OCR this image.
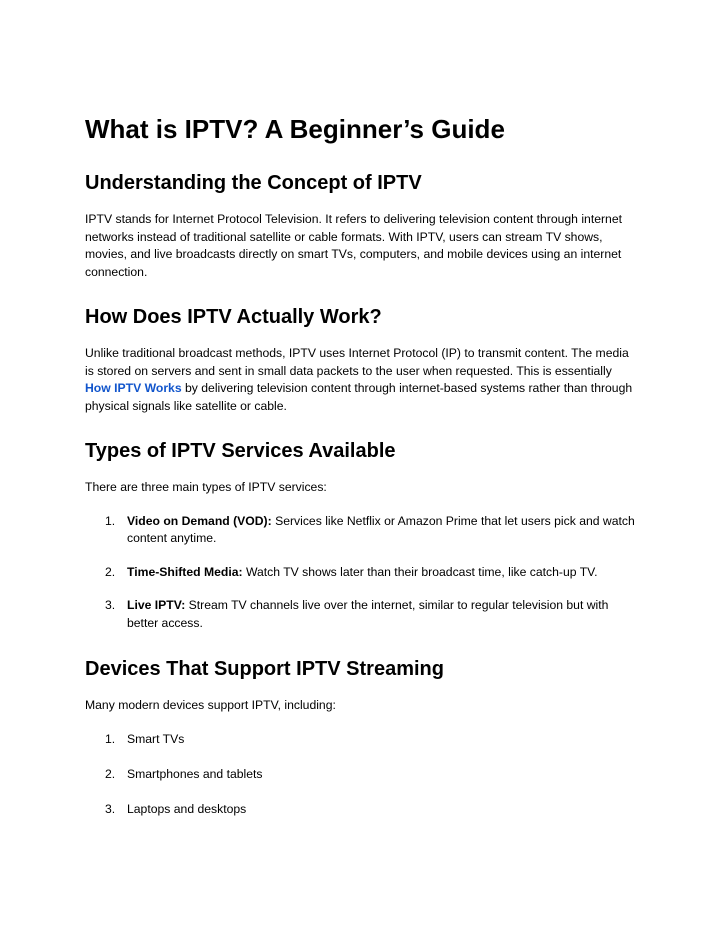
What is IPTV? A Beginner’s Guide
Understanding the Concept of IPTV

IPTV stands for Internet Protocol Television. It refers to delivering television content through internet networks instead of traditional satellite or cable formats. With IPTV, users can stream TV shows, movies, and live broadcasts directly on smart TVs, computers, and mobile devices using an internet connection.

How Does IPTV Actually Work?

Unlike traditional broadcast methods, IPTV uses Internet Protocol (IP) to transmit content. The media is stored on servers and sent in small data packets to the user when requested. This is essentially How IPTV Works by delivering television content through internet-based systems rather than through physical signals like satellite or cable.

Types of IPTV Services Available

There are three main types of IPTV services:

1. Video on Demand (VOD): Services like Netflix or Amazon Prime that let users pick and watch content anytime.
2. Time-Shifted Media: Watch TV shows later than their broadcast time, like catch-up TV.
3. Live IPTV: Stream TV channels live over the internet, similar to regular television but with better access.
Devices That Support IPTV Streaming

Many modern devices support IPTV, including:

1. Smart TVs
2. Smartphones and tablets
3. Laptops and desktops
